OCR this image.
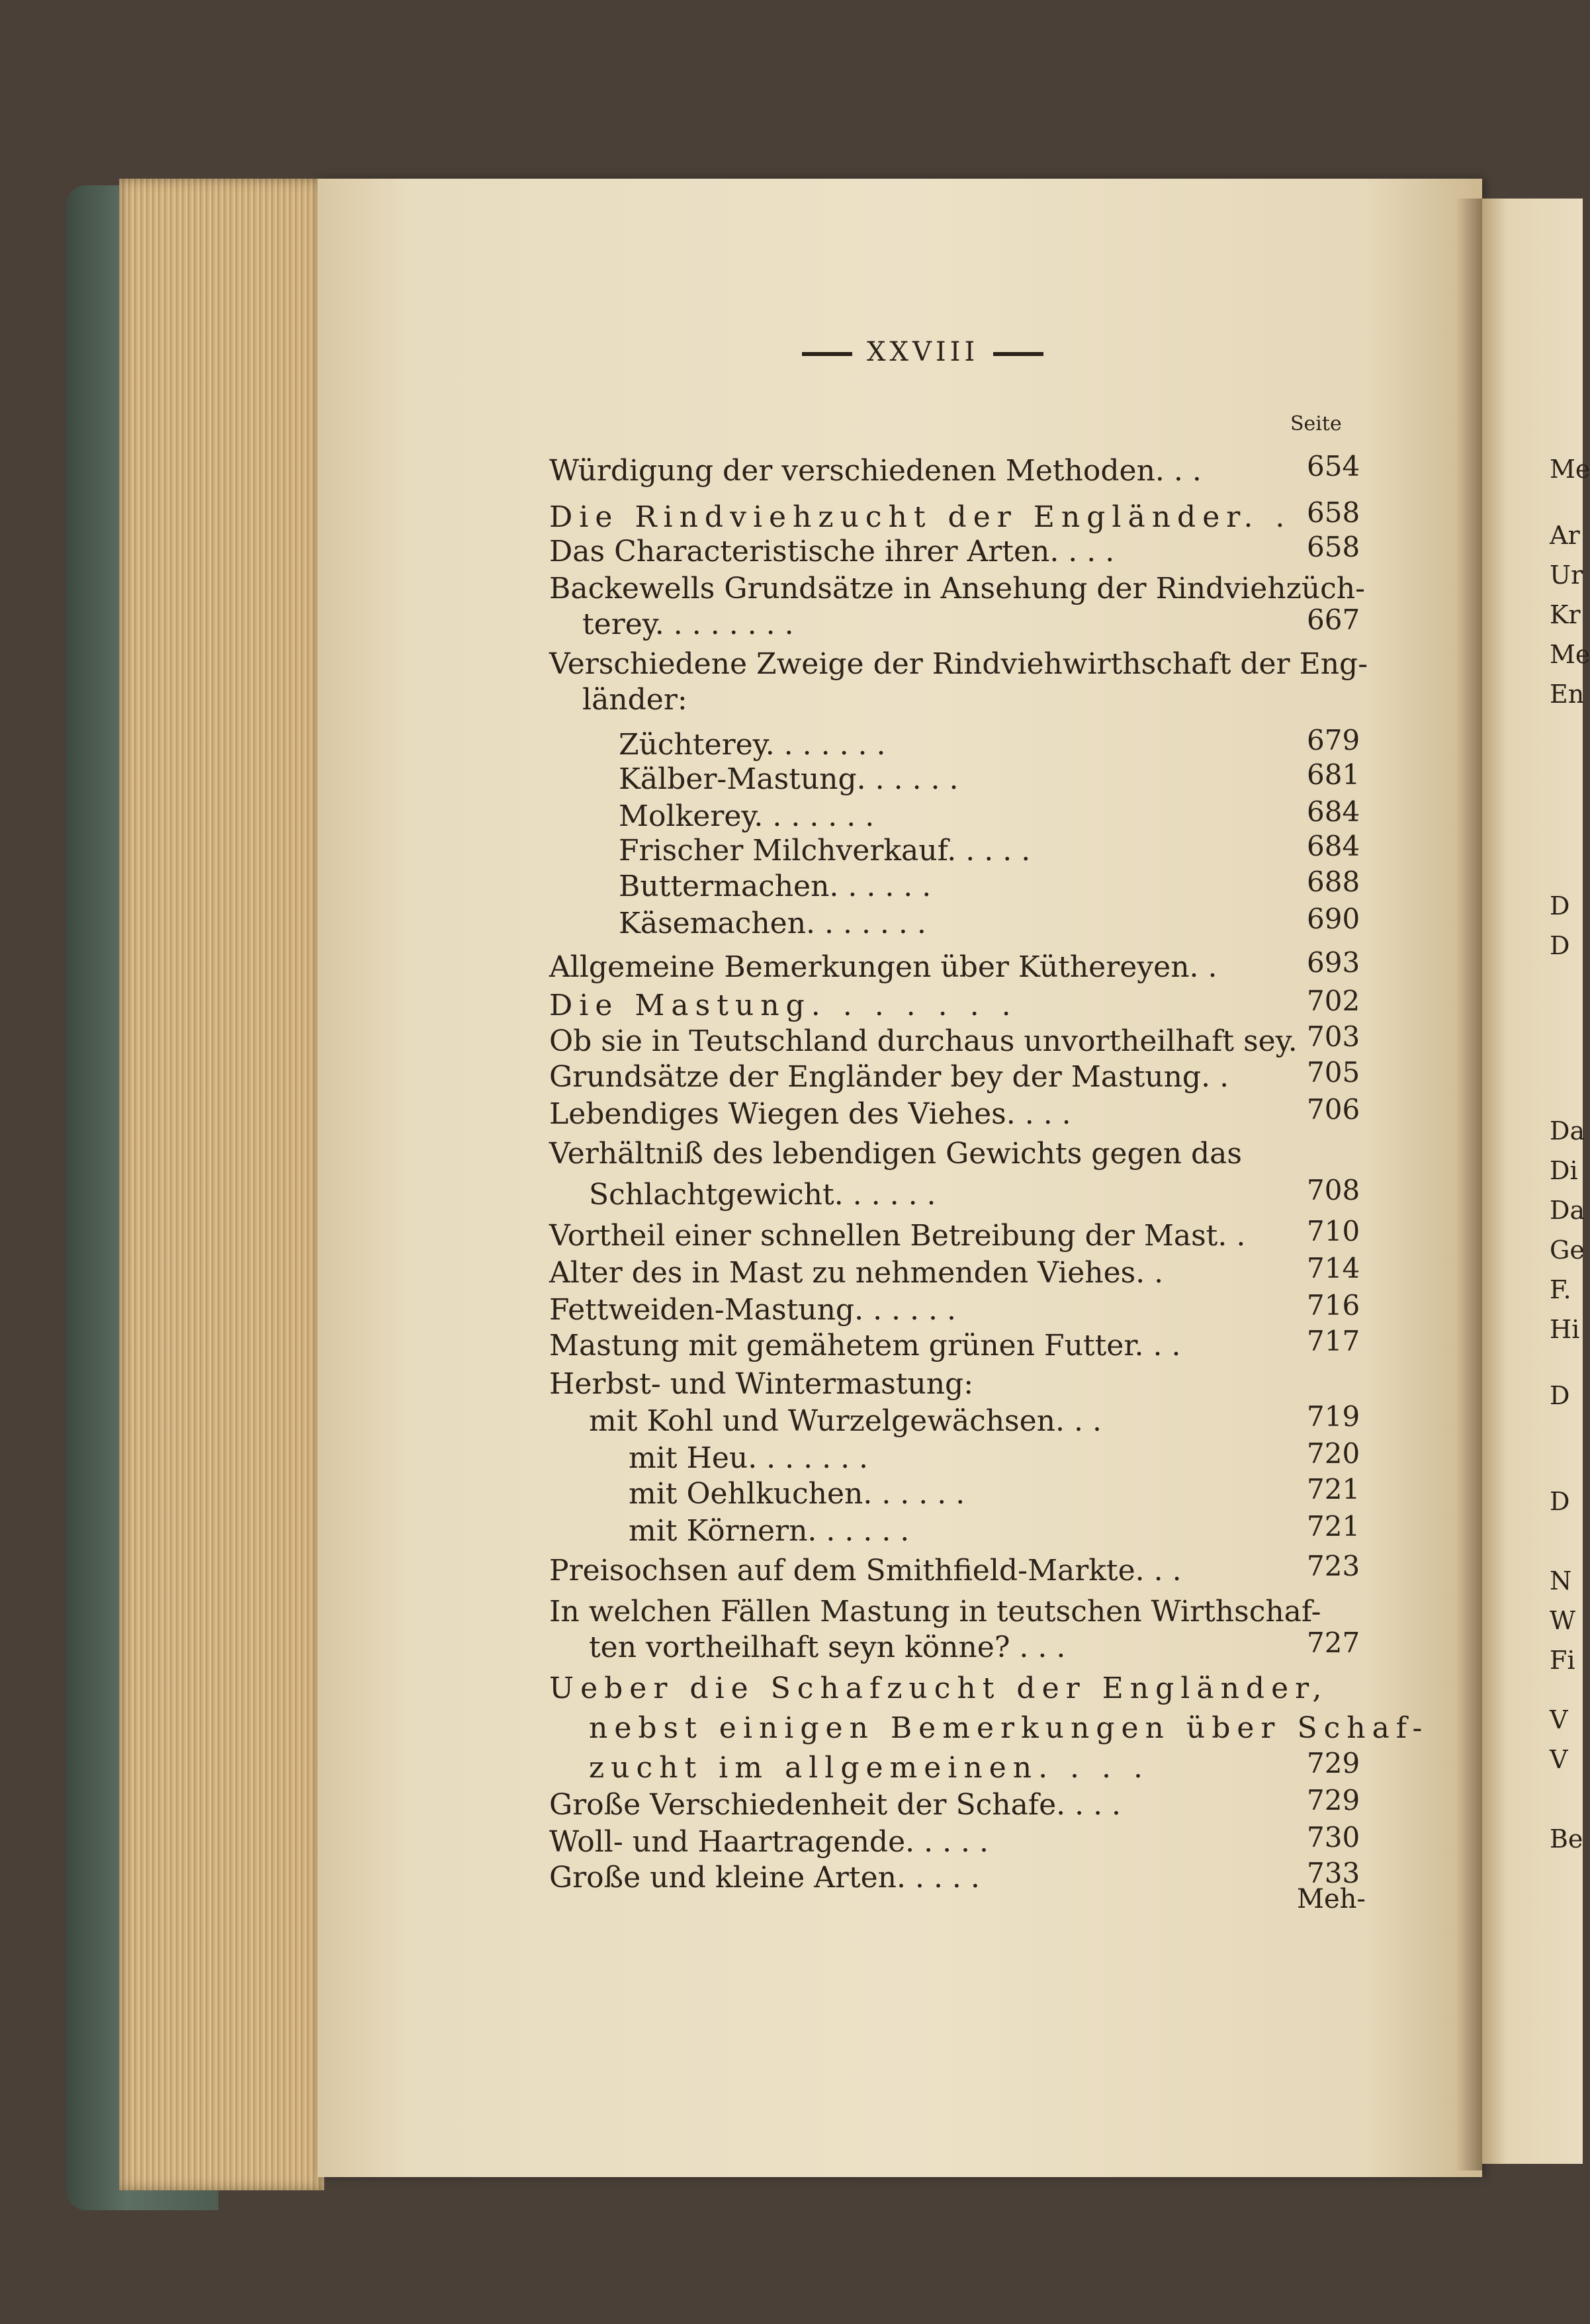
XXVIII
Seite
Würdigung der verschiedenen Methoden. . .	654
Die Rindviehzucht der Engländer. . 658
Das Characteristische ihrer Arten. . . .	658
Backewells Grundsätze in Ansehung der Rindviehzüch-
terey. . . . . . . .	667
Verschiedene Zweige der Rindviehwirthschaft der Eng-
länder:
Züchterey. . . . . . .	679
Kälber-Mastung. . . . . .	681
Molkerey. . . . . . .	684
Frischer Milchverkauf. . . . .	684
Buttermachen. . . . . .	688
Käsemachen. . . . . . .	690
Allgemeine Bemerkungen über Küthereyen. .	693
Die Mastung. . . . . . .	702
Ob sie in Teutschland durchaus unvortheilhaft sey. 703
Grundsätze der Engländer bey der Mastung. .	705
Lebendiges Wiegen des Viehes. . . .	706
Verhältniß des lebendigen Gewichts gegen das
Schlachtgewicht. . . . . .	708
Vortheil einer schnellen Betreibung der Mast. . 710
Alter des in Mast zu nehmenden Viehes. .	714
Fettweiden-Mastung. . . . . .	716
Mastung mit gemähetem grünen Futter. . .	717
Herbst- und Wintermastung:
mit Kohl und Wurzelgewächsen. . .	719
mit Heu. . . . . . .	720
mit Oehlkuchen. . . . . .	721
mit Körnern. . . . . .	721
Preisochsen auf dem Smithfield-Markte. . .	723
In welchen Fällen Mastung in teutschen Wirthschaf-
ten vortheilhaft seyn könne? . . .	727
Ueber die Schafzucht der Engländer,
nebst einigen Bemerkungen über Schaf-
zucht im allgemeinen. . . .	729
Große Verschiedenheit der Schafe. . . .	729
Woll- und Haartragende. . . . .	730
Große und kleine Arten. . . . .	733
Meh-
Me
Ar
Ur
Kr
Me
En
D
D
Da
Di
Da
Ge
F.
Hi
D
D
N
W
Fi
V
V
Be
